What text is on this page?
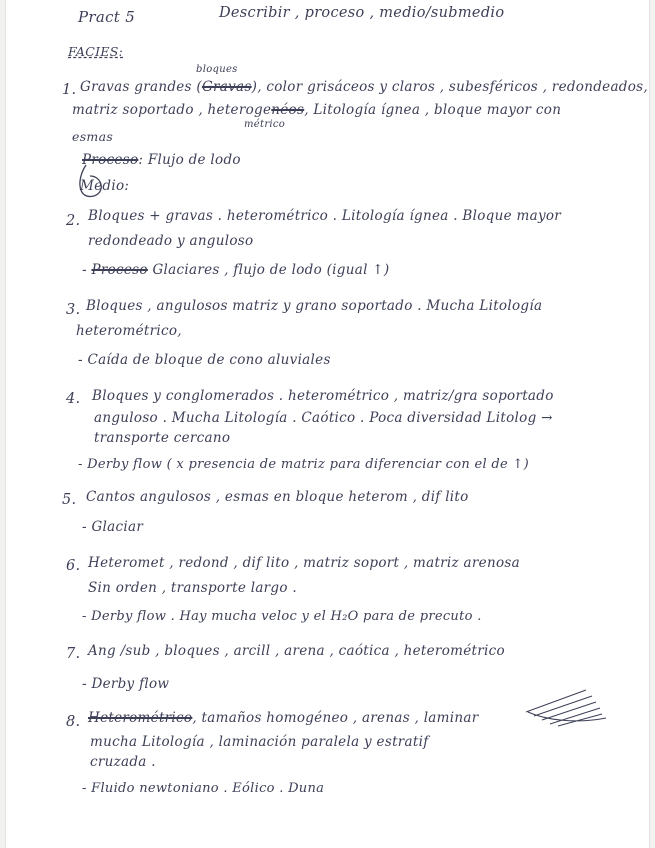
Pract 5	Describir , proceso , medio/submedio
FACIES:
bloques
1. Gravas grandes (Gravas), color grisáceos y claros , subesféricos , redondeados,
matriz soportado , heterogenéos, Litología ígnea , bloque mayor con
métrico
esmas
Proceso: Flujo de lodo
Medio:
2. Bloques + gravas . heterométrico . Litología ígnea . Bloque mayor
redondeado y anguloso
- Proceso Glaciares , flujo de lodo (igual ↑)
3. Bloques , angulosos matriz y grano soportado . Mucha Litología
heterométrico,
- Caída de bloque de cono aluviales
4. Bloques y conglomerados . heterométrico , matriz/gra soportado
anguloso . Mucha Litología . Caótico . Poca diversidad Litolog →
transporte cercano
- Derby flow ( x presencia de matriz para diferenciar con el de ↑)
5. Cantos angulosos , esmas en bloque heterom , dif lito
- Glaciar
6. Heteromet , redond , dif lito , matriz soport , matriz arenosa
Sin orden , transporte largo .
- Derby flow . Hay mucha veloc y el H₂O para de precuto .
7. Ang /sub , bloques , arcill , arena , caótica , heterométrico
- Derby flow
8. Heterométrico, tamaños homogéneo , arenas , laminar
mucha Litología , laminación paralela y estratif
cruzada .
- Fluido newtoniano . Eólico . Duna
